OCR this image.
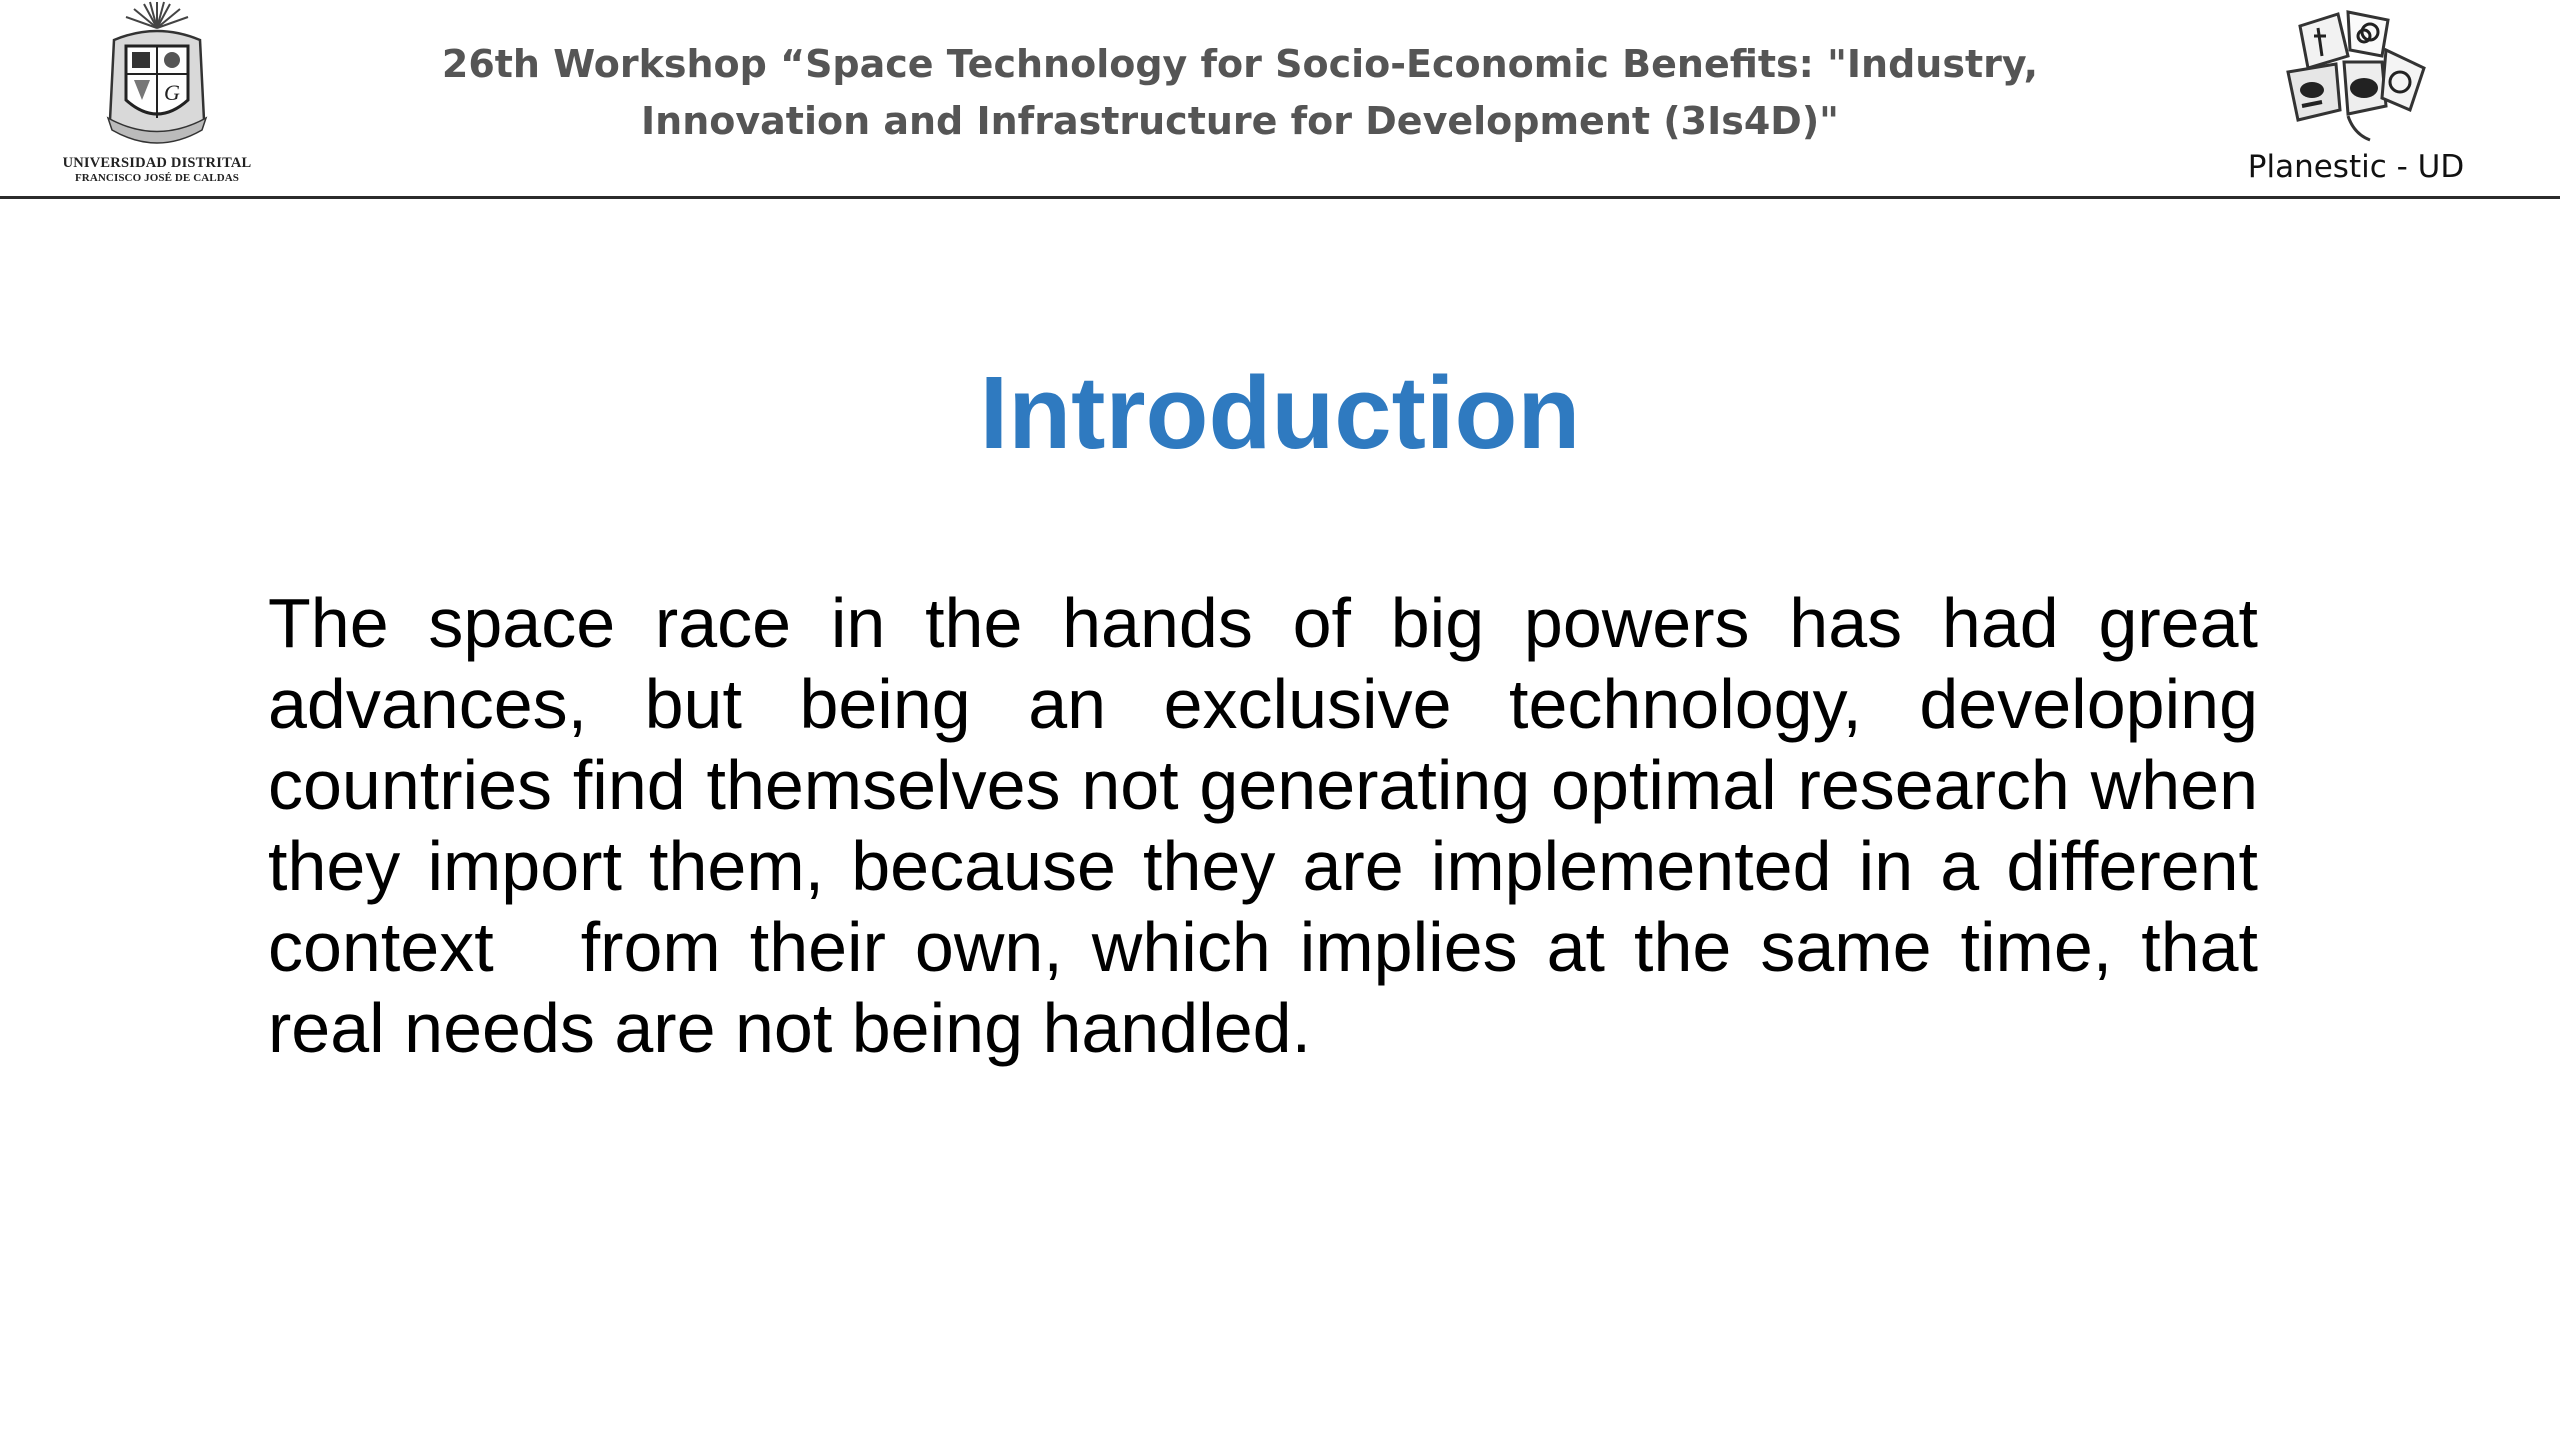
G
UNIVERSIDAD DISTRITAL
FRANCISCO JOSÉ DE CALDAS
26th Workshop “Space Technology for Socio-Economic Benefits: "Industry, Innovation and Infrastructure for Development (3Is4D)"
Planestic - UD
Introduction
The space race in the hands of big powers has had great advances, but being an exclusive technology, developing countries find themselves not generating optimal research when they import them, because they are implemented in a different context   from their own, which implies at the same time, that real needs are not being handled.
